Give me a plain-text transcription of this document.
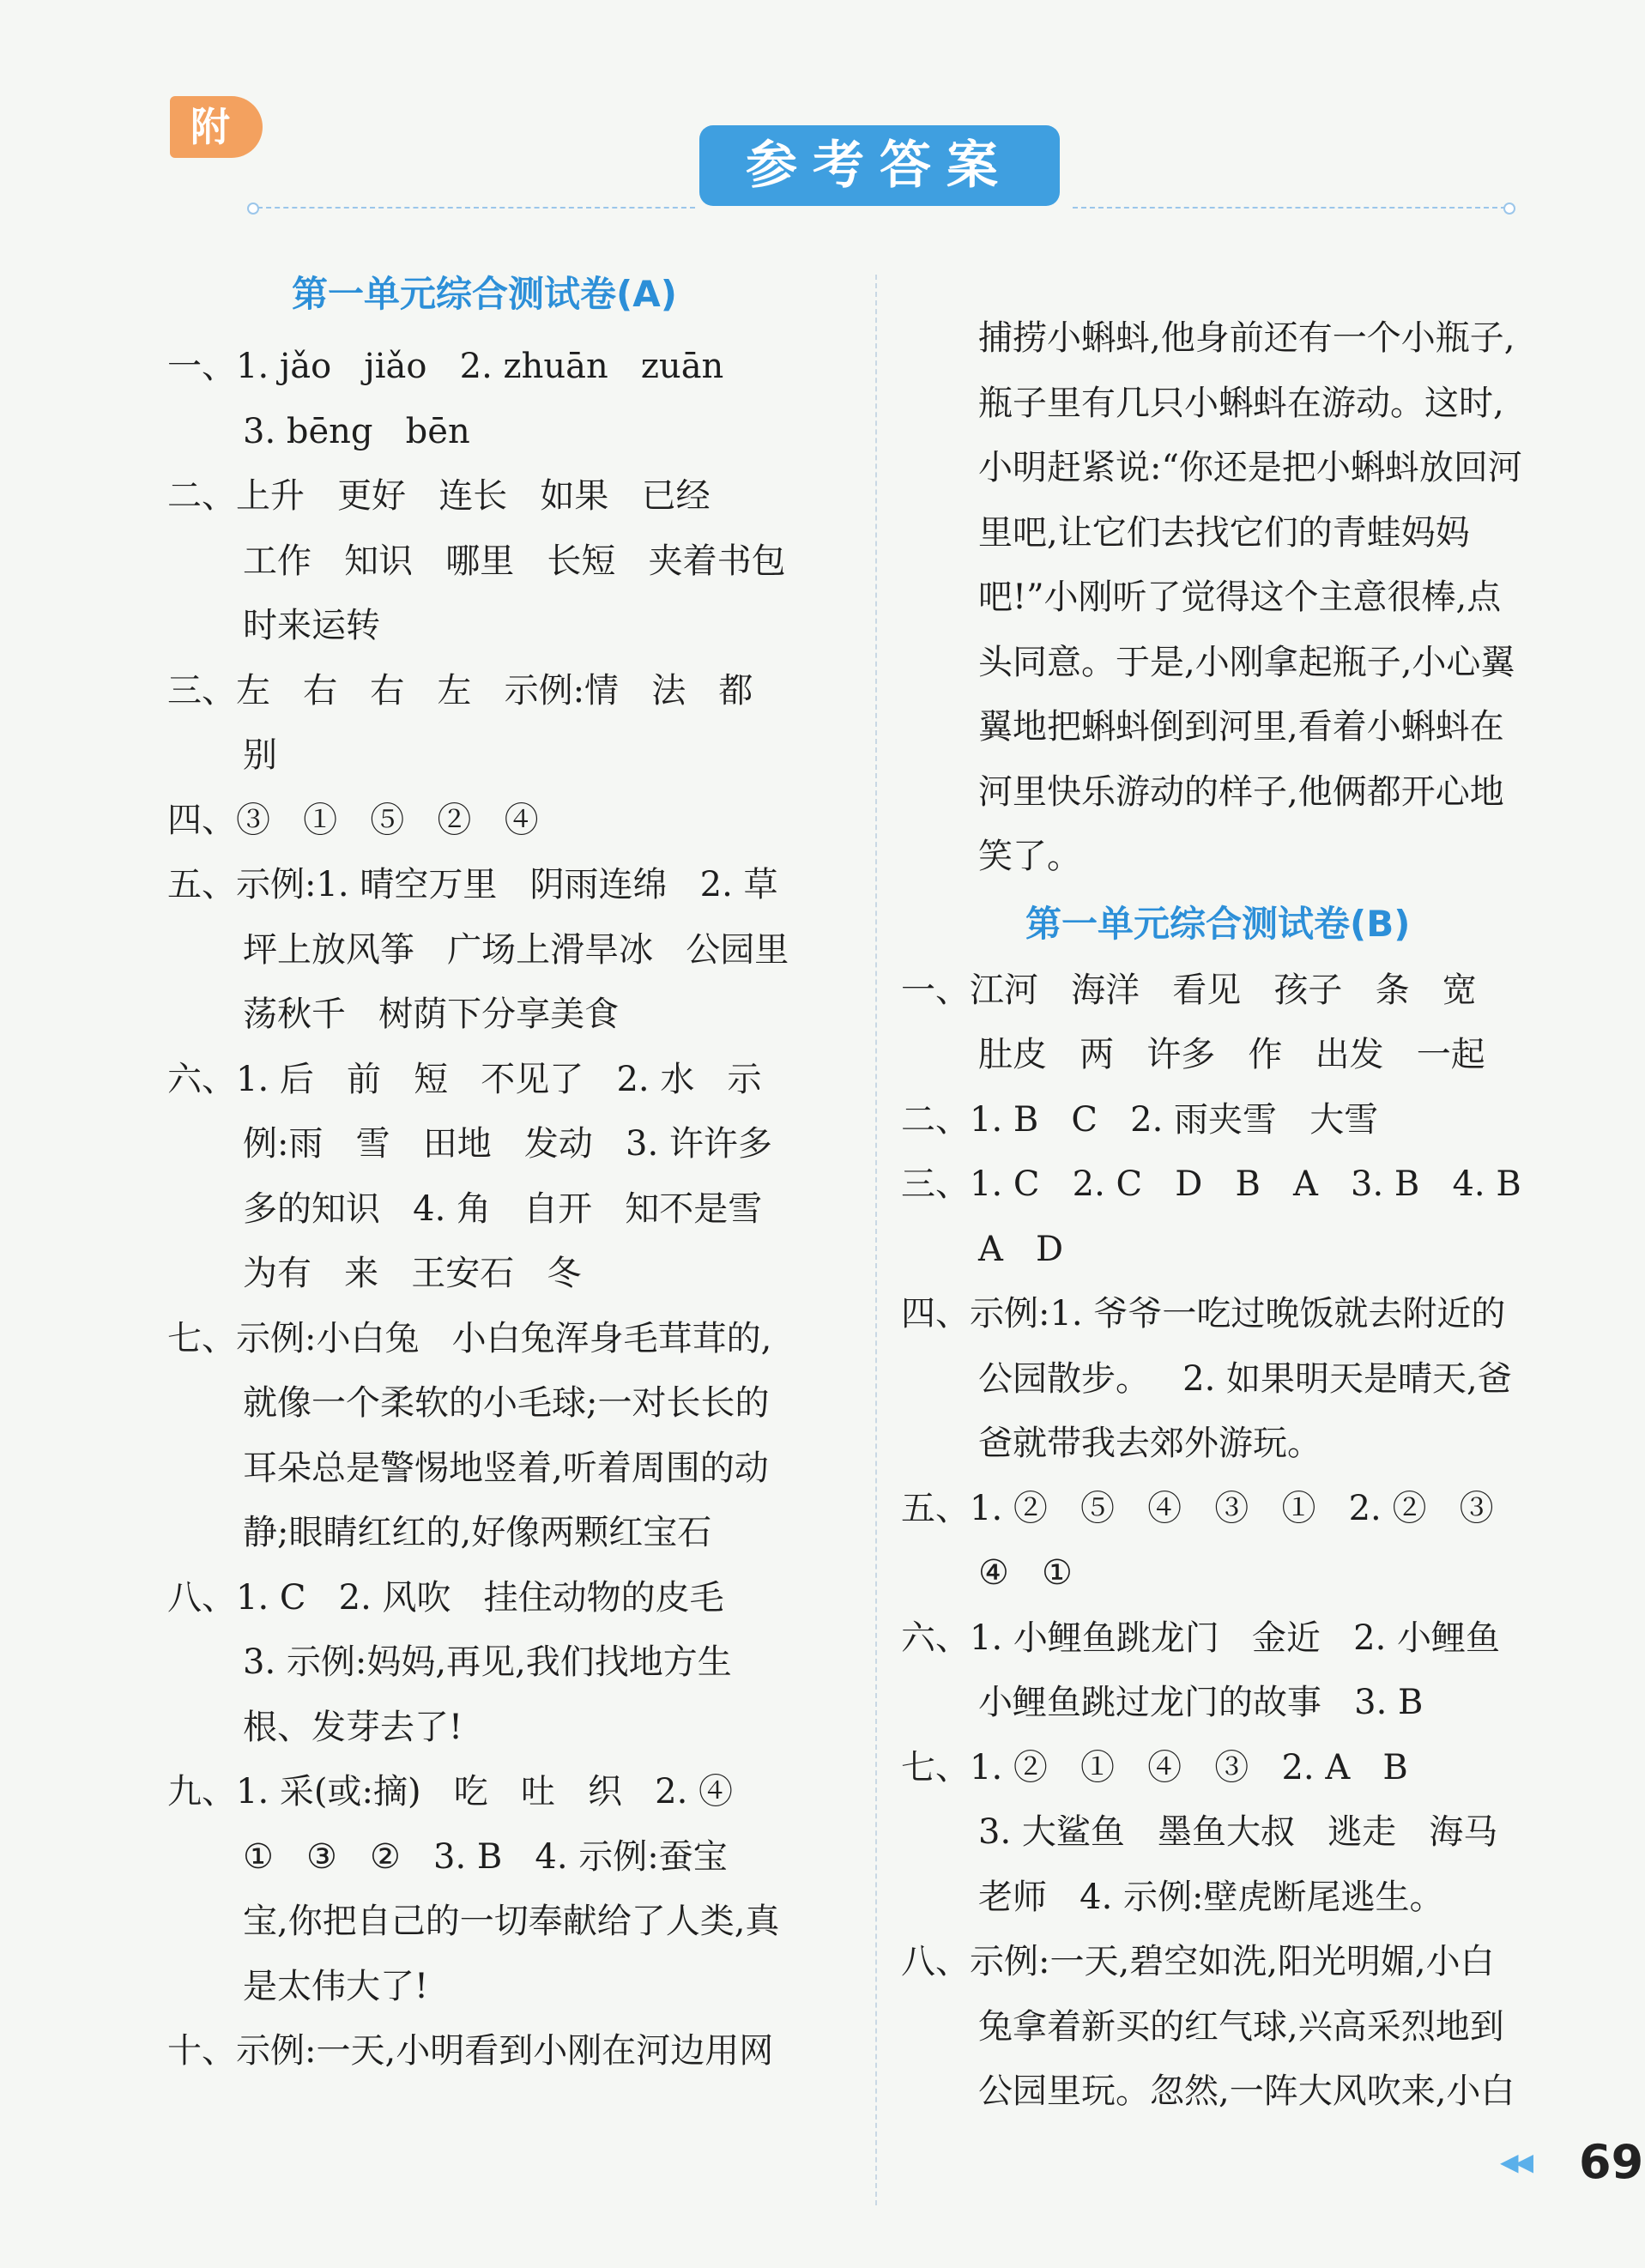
附
参考答案
第一单元综合测试卷(A)
一、1. jǎo   jiǎo   2. zhuān   zuān
3. bēng   bēn
二、上升   更好   连长   如果   已经
工作   知识   哪里   长短   夹着书包
时来运转
三、左   右   右   左   示例:情   法   都
别
四、③   ①   ⑤   ②   ④
五、示例:1. 晴空万里   阴雨连绵   2. 草
坪上放风筝   广场上滑旱冰   公园里
荡秋千   树荫下分享美食
六、1. 后   前   短   不见了   2. 水   示
例:雨   雪   田地   发动   3. 许许多
多的知识   4. 角   自开   知不是雪
为有   来   王安石   冬
七、示例:小白兔   小白兔浑身毛茸茸的,
就像一个柔软的小毛球;一对长长的
耳朵总是警惕地竖着,听着周围的动
静;眼睛红红的,好像两颗红宝石
八、1. C   2. 风吹   挂住动物的皮毛
3. 示例:妈妈,再见,我们找地方生
根、发芽去了!
九、1. 采(或:摘)   吃   吐   织   2. ④
①   ③   ②   3. B   4. 示例:蚕宝
宝,你把自己的一切奉献给了人类,真
是太伟大了!
十、示例:一天,小明看到小刚在河边用网
捕捞小蝌蚪,他身前还有一个小瓶子,
瓶子里有几只小蝌蚪在游动。这时,
小明赶紧说:“你还是把小蝌蚪放回河
里吧,让它们去找它们的青蛙妈妈
吧!”小刚听了觉得这个主意很棒,点
头同意。于是,小刚拿起瓶子,小心翼
翼地把蝌蚪倒到河里,看着小蝌蚪在
河里快乐游动的样子,他俩都开心地
笑了。
第一单元综合测试卷(B)
一、江河   海洋   看见   孩子   条   宽
肚皮   两   许多   作   出发   一起
二、1. B   C   2. 雨夹雪   大雪
三、1. C   2. C   D   B   A   3. B   4. B
A   D
四、示例:1. 爷爷一吃过晚饭就去附近的
公园散步。   2. 如果明天是晴天,爸
爸就带我去郊外游玩。
五、1. ②   ⑤   ④   ③   ①   2. ②   ③
④   ①
六、1. 小鲤鱼跳龙门   金近   2. 小鲤鱼
小鲤鱼跳过龙门的故事   3. B
七、1. ②   ①   ④   ③   2. A   B
3. 大鲨鱼   墨鱼大叔   逃走   海马
老师   4. 示例:壁虎断尾逃生。
八、示例:一天,碧空如洗,阳光明媚,小白
兔拿着新买的红气球,兴高采烈地到
公园里玩。忽然,一阵大风吹来,小白
◀◀ 69
